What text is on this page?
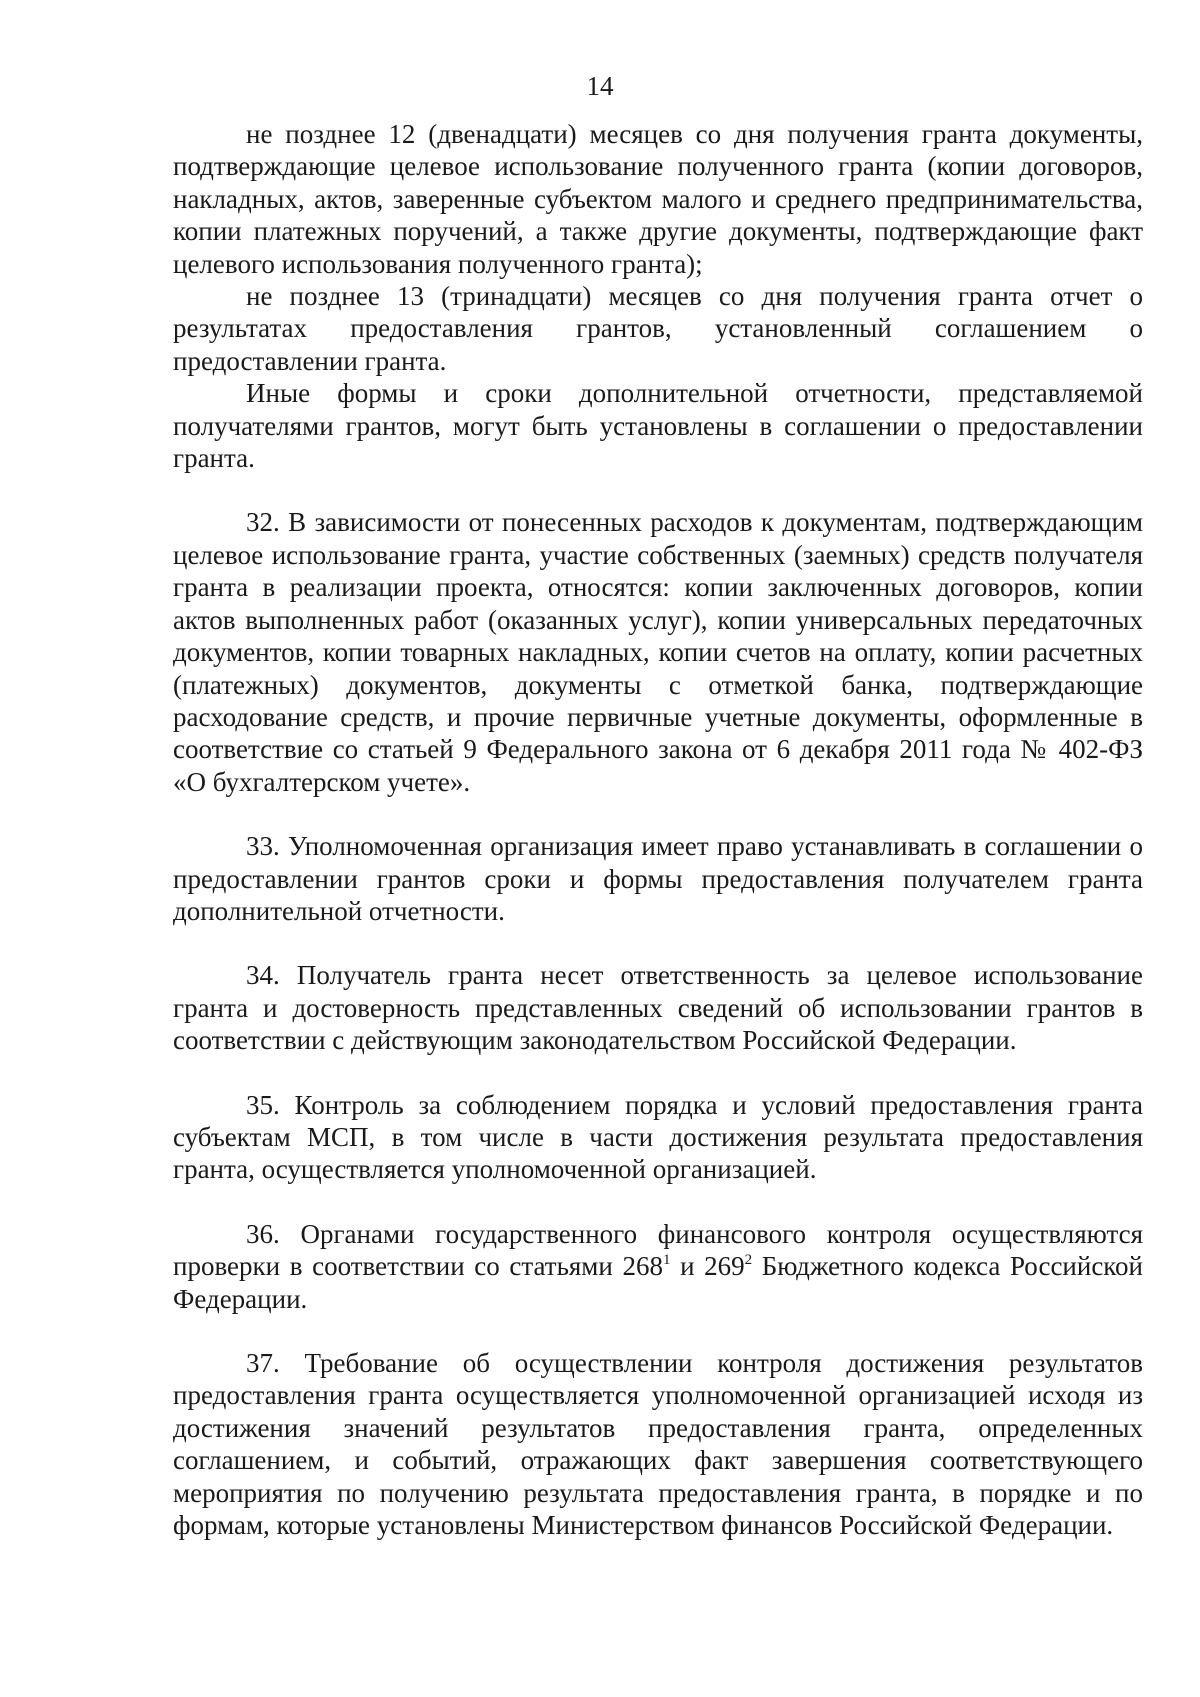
14

не позднее 12 (двенадцати) месяцев со дня получения гранта документы, подтверждающие целевое использование полученного гранта (копии договоров, накладных, актов, заверенные субъектом малого и среднего предпринимательства, копии платежных поручений, а также другие документы, подтверждающие факт целевого использования полученного гранта);

не позднее 13 (тринадцати) месяцев со дня получения гранта отчет о результатах предоставления грантов, установленный соглашением о предоставлении гранта.

Иные формы и сроки дополнительной отчетности, представляемой получателями грантов, могут быть установлены в соглашении о предоставлении гранта.

32. В зависимости от понесенных расходов к документам, подтверждающим целевое использование гранта, участие собственных (заемных) средств получателя гранта в реализации проекта, относятся: копии заключенных договоров, копии актов выполненных работ (оказанных услуг), копии универсальных передаточных документов, копии товарных накладных, копии счетов на оплату, копии расчетных (платежных) документов, документы с отметкой банка, подтверждающие расходование средств, и прочие первичные учетные документы, оформленные в соответствие со статьей 9 Федерального закона от 6 декабря 2011 года № 402-ФЗ «О бухгалтерском учете».

33. Уполномоченная организация имеет право устанавливать в соглашении о предоставлении грантов сроки и формы предоставления получателем гранта дополнительной отчетности.

34. Получатель гранта несет ответственность за целевое использование гранта и достоверность представленных сведений об использовании грантов в соответствии с действующим законодательством Российской Федерации.

35. Контроль за соблюдением порядка и условий предоставления гранта субъектам МСП, в том числе в части достижения результата предоставления гранта, осуществляется уполномоченной организацией.

36. Органами государственного финансового контроля осуществляются проверки в соответствии со статьями $268^1$ и $269^2$ Бюджетного кодекса Российской Федерации.

37. Требование об осуществлении контроля достижения результатов предоставления гранта осуществляется уполномоченной организацией исходя из достижения значений результатов предоставления гранта, определенных соглашением, и событий, отражающих факт завершения соответствующего мероприятия по получению результата предоставления гранта, в порядке и по формам, которые установлены Министерством финансов Российской Федерации.
